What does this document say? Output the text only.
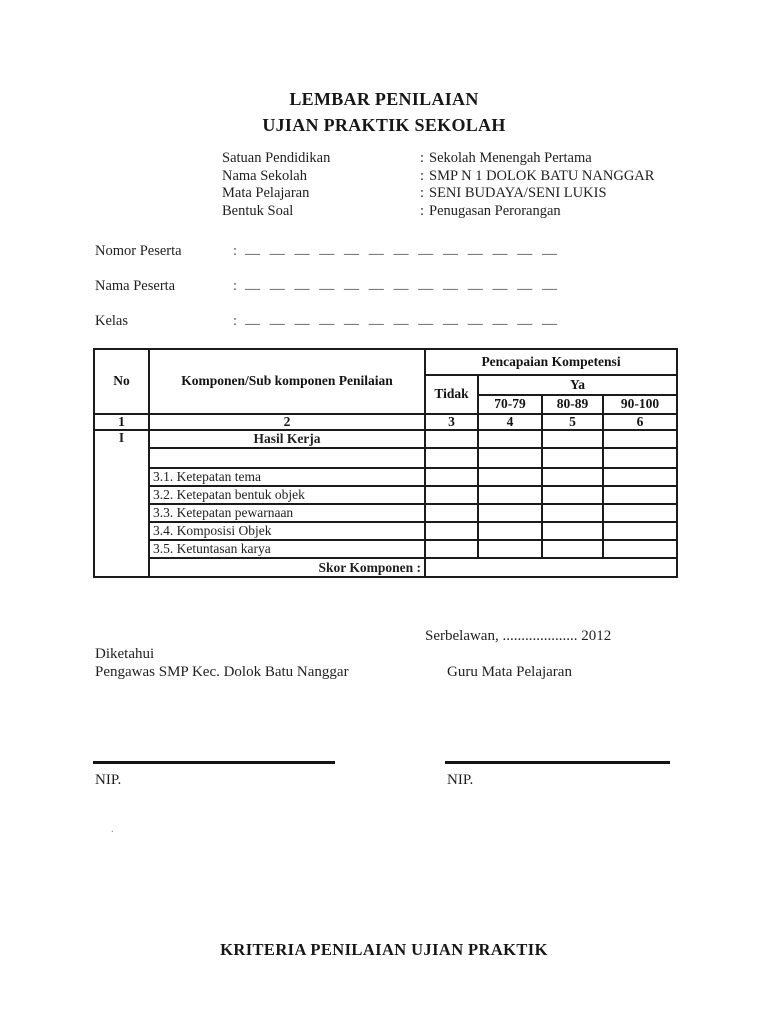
LEMBAR PENILAIAN
UJIAN PRAKTIK SEKOLAH
Satuan Pendidikan	: Sekolah Menengah Pertama
Nama Sekolah	: SMP N 1 DOLOK BATU NANGGAR
Mata Pelajaran	: SENI BUDAYA/SENI LUKIS
Bentuk Soal	: Penugasan Perorangan
Nomor Peserta	: — — — — — — — — — — — — —
Nama Peserta	: — — — — — — — — — — — — —
Kelas	: — — — — — — — — — — — — —
No	Komponen/Sub komponen Penilaian	Pencapaian Kompetensi			
		Tidak	Ya		
			70-79	80-89	90-100
1	2	3	4	5	6
I	Hasil Kerja				

	3.1. Ketepatan tema				
	3.2. Ketepatan bentuk objek				
	3.3. Ketepatan pewarnaan				
	3.4. Komposisi Objek				
	3.5. Ketuntasan karya				
	Skor Komponen :				
Serbelawan, .................... 2012
Diketahui
Pengawas SMP Kec. Dolok Batu Nanggar	Guru Mata Pelajaran
NIP.	NIP.
.
KRITERIA PENILAIAN UJIAN PRAKTIK
